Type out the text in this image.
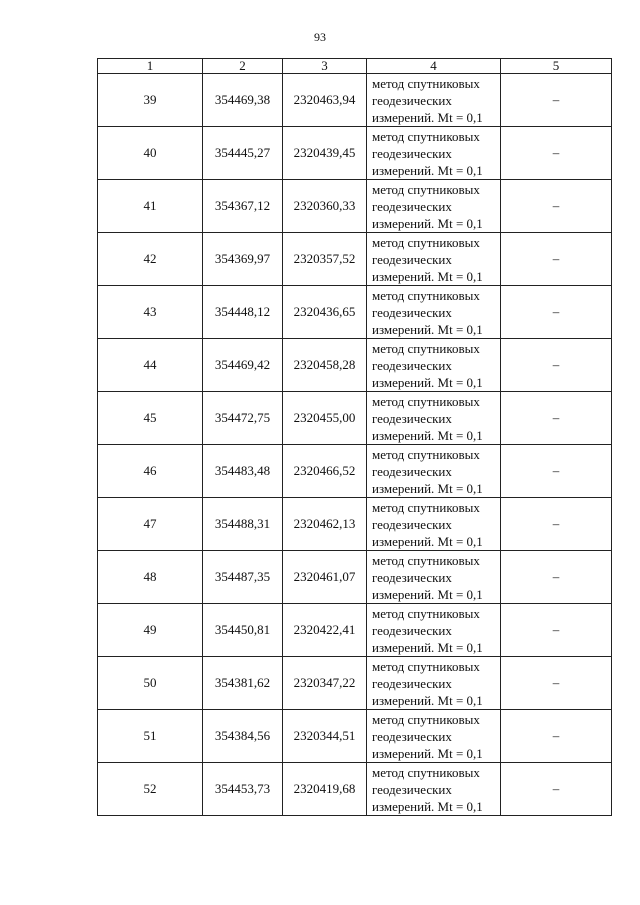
93
1	2	3	4	5
39	354469,38	2320463,94	метод спутниковых
геодезических
измерений. Mt = 0,1	–
40	354445,27	2320439,45	метод спутниковых
геодезических
измерений. Mt = 0,1	–
41	354367,12	2320360,33	метод спутниковых
геодезических
измерений. Mt = 0,1	–
42	354369,97	2320357,52	метод спутниковых
геодезических
измерений. Mt = 0,1	–
43	354448,12	2320436,65	метод спутниковых
геодезических
измерений. Mt = 0,1	–
44	354469,42	2320458,28	метод спутниковых
геодезических
измерений. Mt = 0,1	–
45	354472,75	2320455,00	метод спутниковых
геодезических
измерений. Mt = 0,1	–
46	354483,48	2320466,52	метод спутниковых
геодезических
измерений. Mt = 0,1	–
47	354488,31	2320462,13	метод спутниковых
геодезических
измерений. Mt = 0,1	–
48	354487,35	2320461,07	метод спутниковых
геодезических
измерений. Mt = 0,1	–
49	354450,81	2320422,41	метод спутниковых
геодезических
измерений. Mt = 0,1	–
50	354381,62	2320347,22	метод спутниковых
геодезических
измерений. Mt = 0,1	–
51	354384,56	2320344,51	метод спутниковых
геодезических
измерений. Mt = 0,1	–
52	354453,73	2320419,68	метод спутниковых
геодезических
измерений. Mt = 0,1	–
